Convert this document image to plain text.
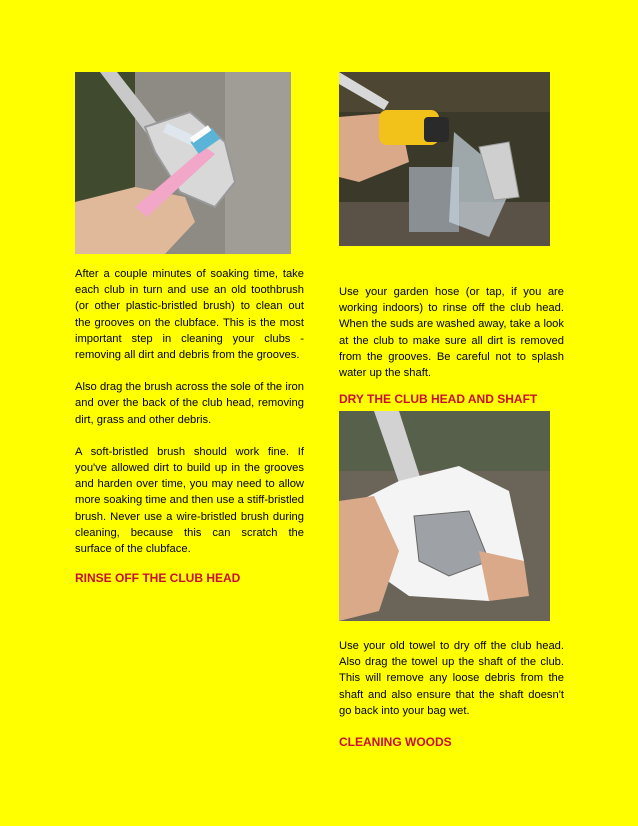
After a couple minutes of soaking time, take each club in turn and use an old toothbrush (or other plastic-bristled brush) to clean out the grooves on the clubface. This is the most important step in cleaning your clubs - removing all dirt and debris from the grooves.

Also drag the brush across the sole of the iron and over the back of the club head, removing dirt, grass and other debris.

A soft-bristled brush should work fine. If you've allowed dirt to build up in the grooves and harden over time, you may need to allow more soaking time and then use a stiff-bristled brush. Never use a wire-bristled brush during cleaning, because this can scratch the surface of the clubface.

RINSE OFF THE CLUB HEAD

Use your garden hose (or tap, if you are working indoors) to rinse off the club head. When the suds are washed away, take a look at the club to make sure all dirt is removed from the grooves. Be careful not to splash water up the shaft.

DRY THE CLUB HEAD AND SHAFT

Use your old towel to dry off the club head. Also drag the towel up the shaft of the club. This will remove any loose debris from the shaft and also ensure that the shaft doesn't go back into your bag wet.

CLEANING WOODS
